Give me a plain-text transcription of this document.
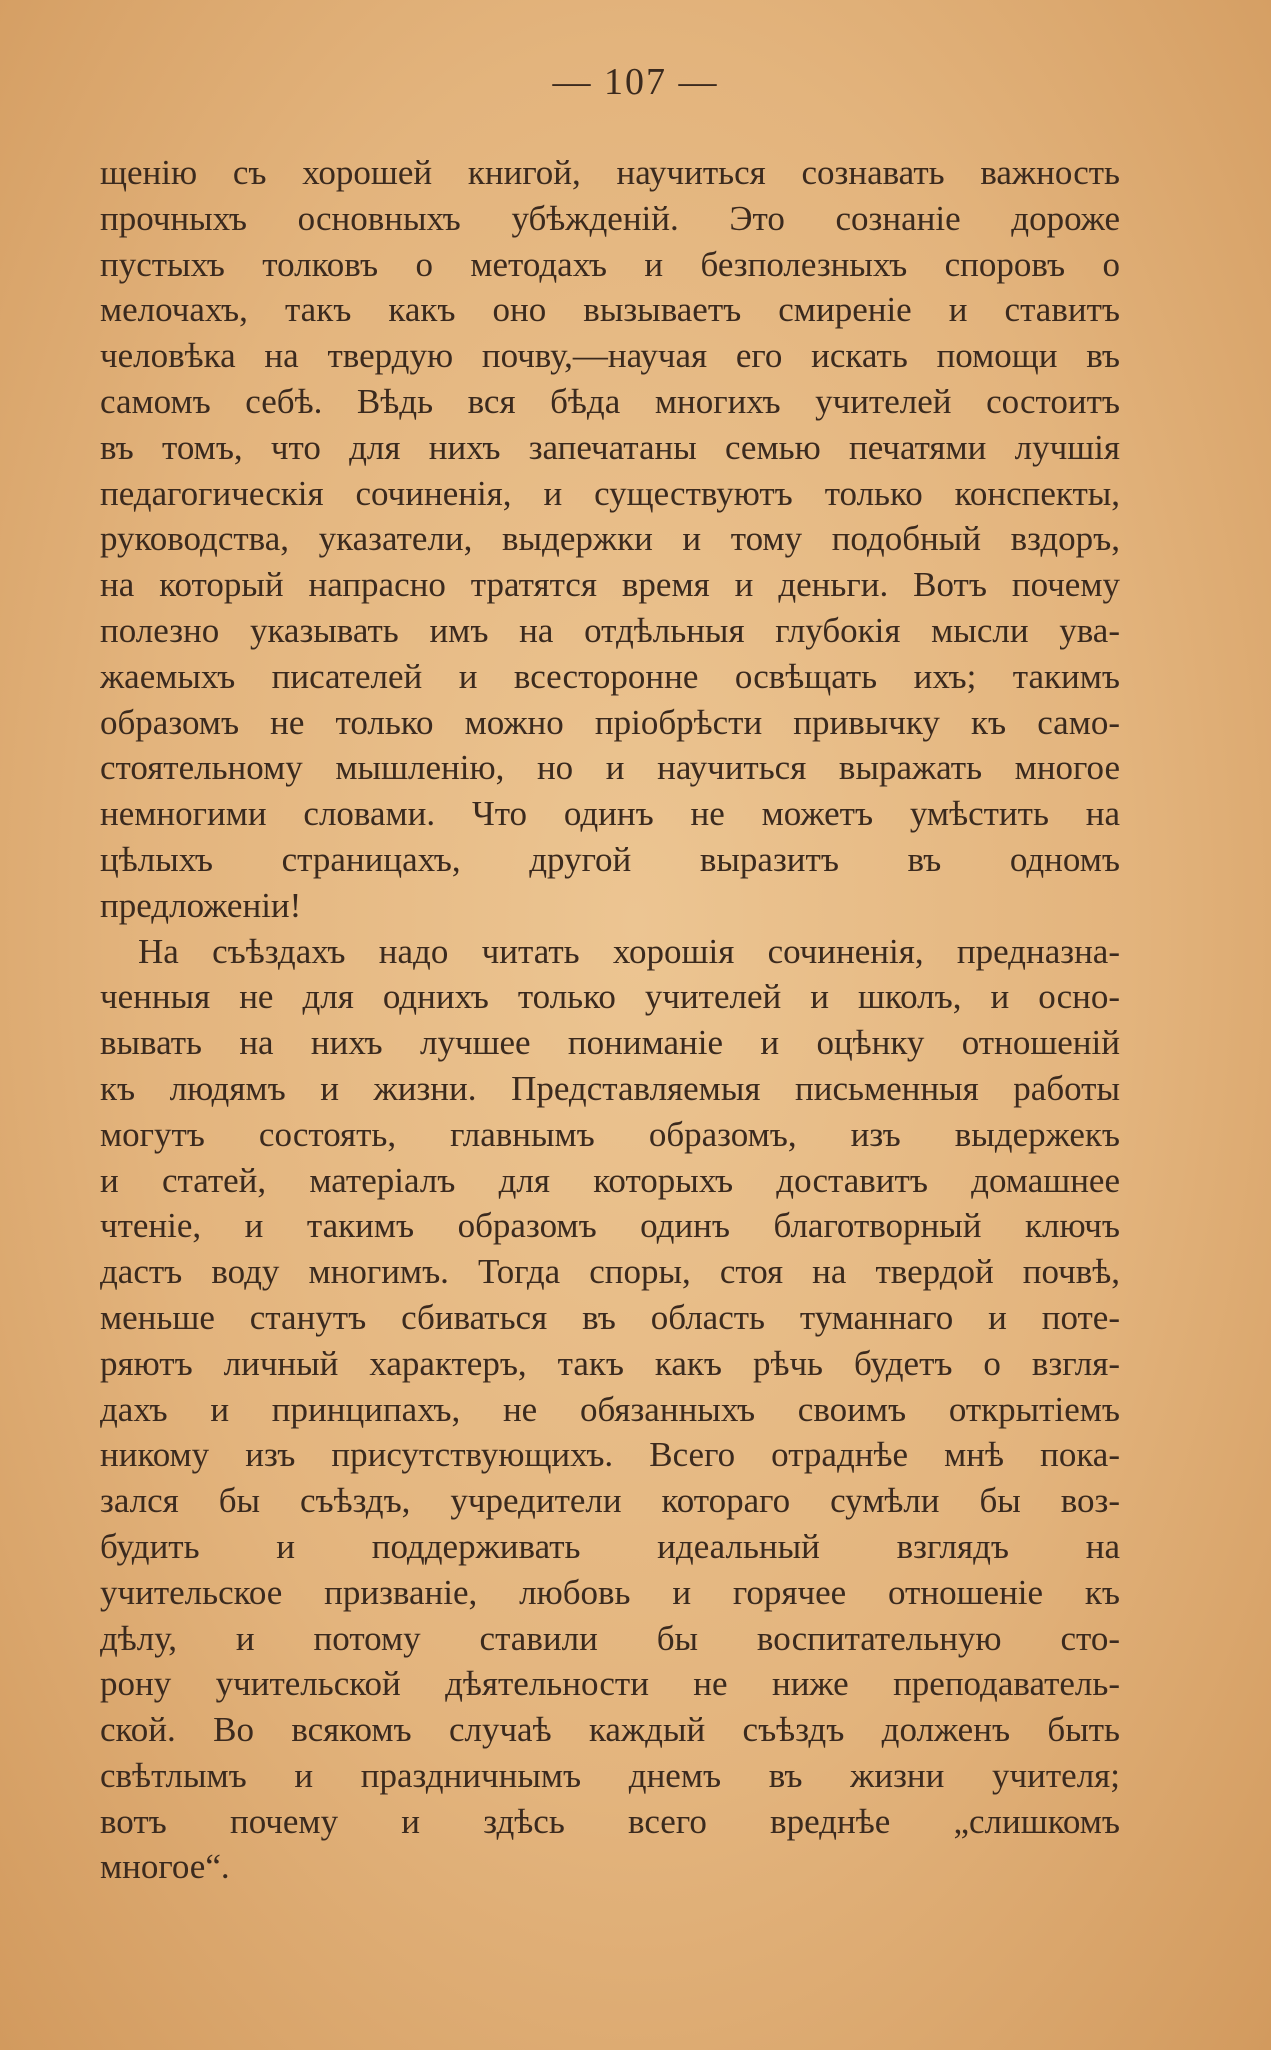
— 107 —
щенію съ хорошей книгой, научиться сознавать важность
прочныхъ основныхъ убѣжденій. Это сознаніе дороже
пустыхъ толковъ о методахъ и безполезныхъ споровъ о
мелочахъ, такъ какъ оно вызываетъ смиреніе и ставитъ
человѣка на твердую почву,—научая его искать помощи въ
самомъ себѣ. Вѣдь вся бѣда многихъ учителей состоитъ
въ томъ, что для нихъ запечатаны семью печатями лучшія
педагогическія сочиненія, и существуютъ только конспекты,
руководства, указатели, выдержки и тому подобный вздоръ,
на который напрасно тратятся время и деньги. Вотъ почему
полезно указывать имъ на отдѣльныя глубокія мысли ува-
жаемыхъ писателей и всесторонне освѣщать ихъ; такимъ
образомъ не только можно пріобрѣсти привычку къ само-
стоятельному мышленію, но и научиться выражать многое
немногими словами. Что одинъ не можетъ умѣстить на
цѣлыхъ страницахъ, другой выразитъ въ одномъ
предложеніи!
На съѣздахъ надо читать хорошія сочиненія, предназна-
ченныя не для однихъ только учителей и школъ, и осно-
вывать на нихъ лучшее пониманіе и оцѣнку отношеній
къ людямъ и жизни. Представляемыя письменныя работы
могутъ состоять, главнымъ образомъ, изъ выдержекъ
и статей, матеріалъ для которыхъ доставитъ домашнее
чтеніе, и такимъ образомъ одинъ благотворный ключъ
дастъ воду многимъ. Тогда споры, стоя на твердой почвѣ,
меньше станутъ сбиваться въ область туманнаго и поте-
ряютъ личный характеръ, такъ какъ рѣчь будетъ о взгля-
дахъ и принципахъ, не обязанныхъ своимъ открытіемъ
никому изъ присутствующихъ. Всего отраднѣе мнѣ пока-
зался бы съѣздъ, учредители котораго сумѣли бы воз-
будить и поддерживать идеальный взглядъ на
учительское призваніе, любовь и горячее отношеніе къ
дѣлу, и потому ставили бы воспитательную сто-
рону учительской дѣятельности не ниже преподаватель-
ской. Во всякомъ случаѣ каждый съѣздъ долженъ быть
свѣтлымъ и праздничнымъ днемъ въ жизни учителя;
вотъ почему и здѣсь всего вреднѣе „слишкомъ
многое“.
